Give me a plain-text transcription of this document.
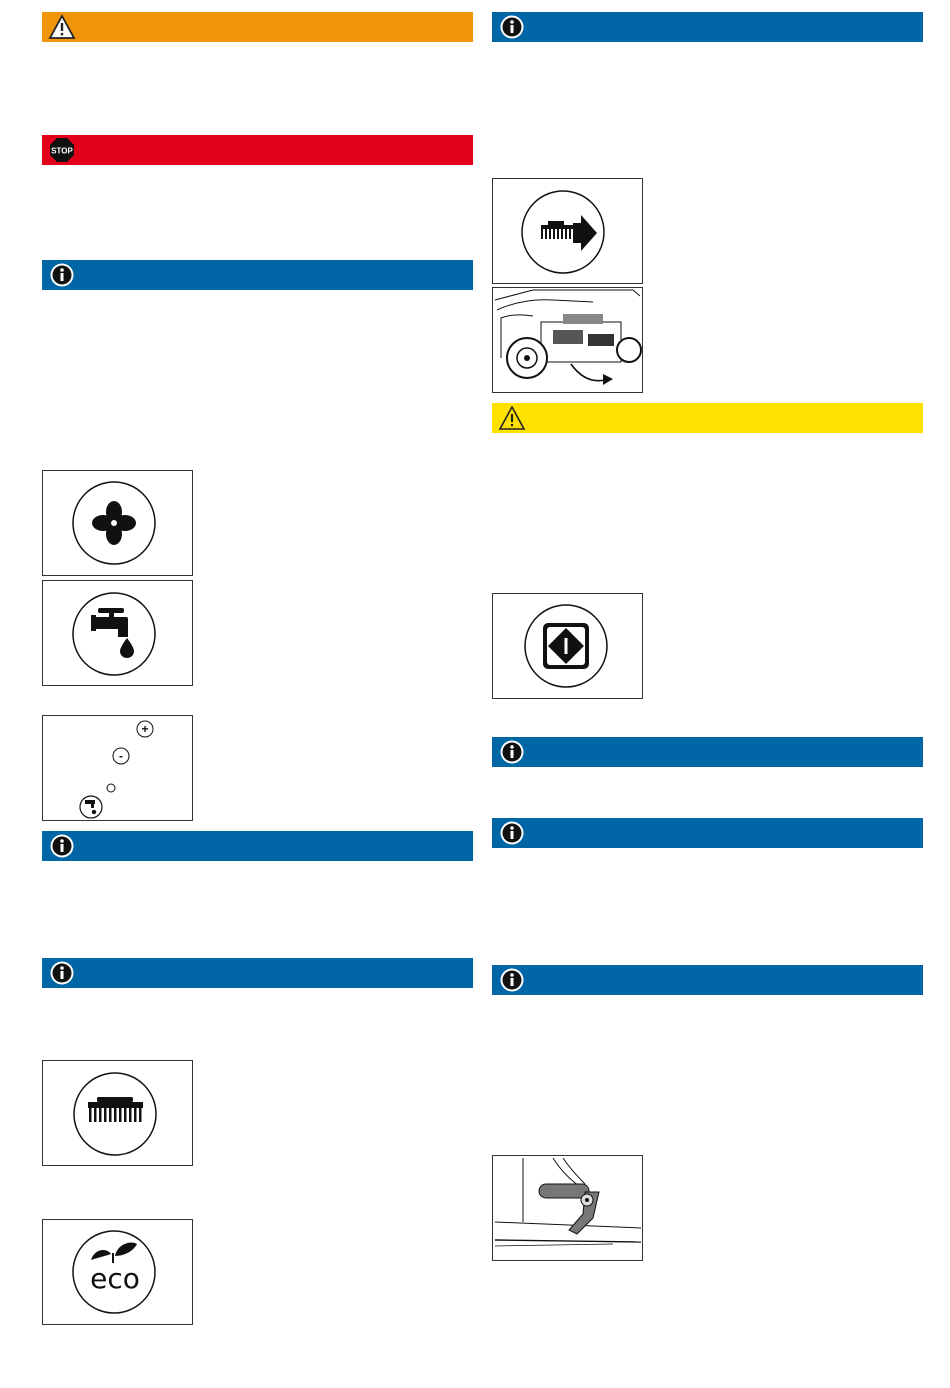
STOP
+
-
eco
